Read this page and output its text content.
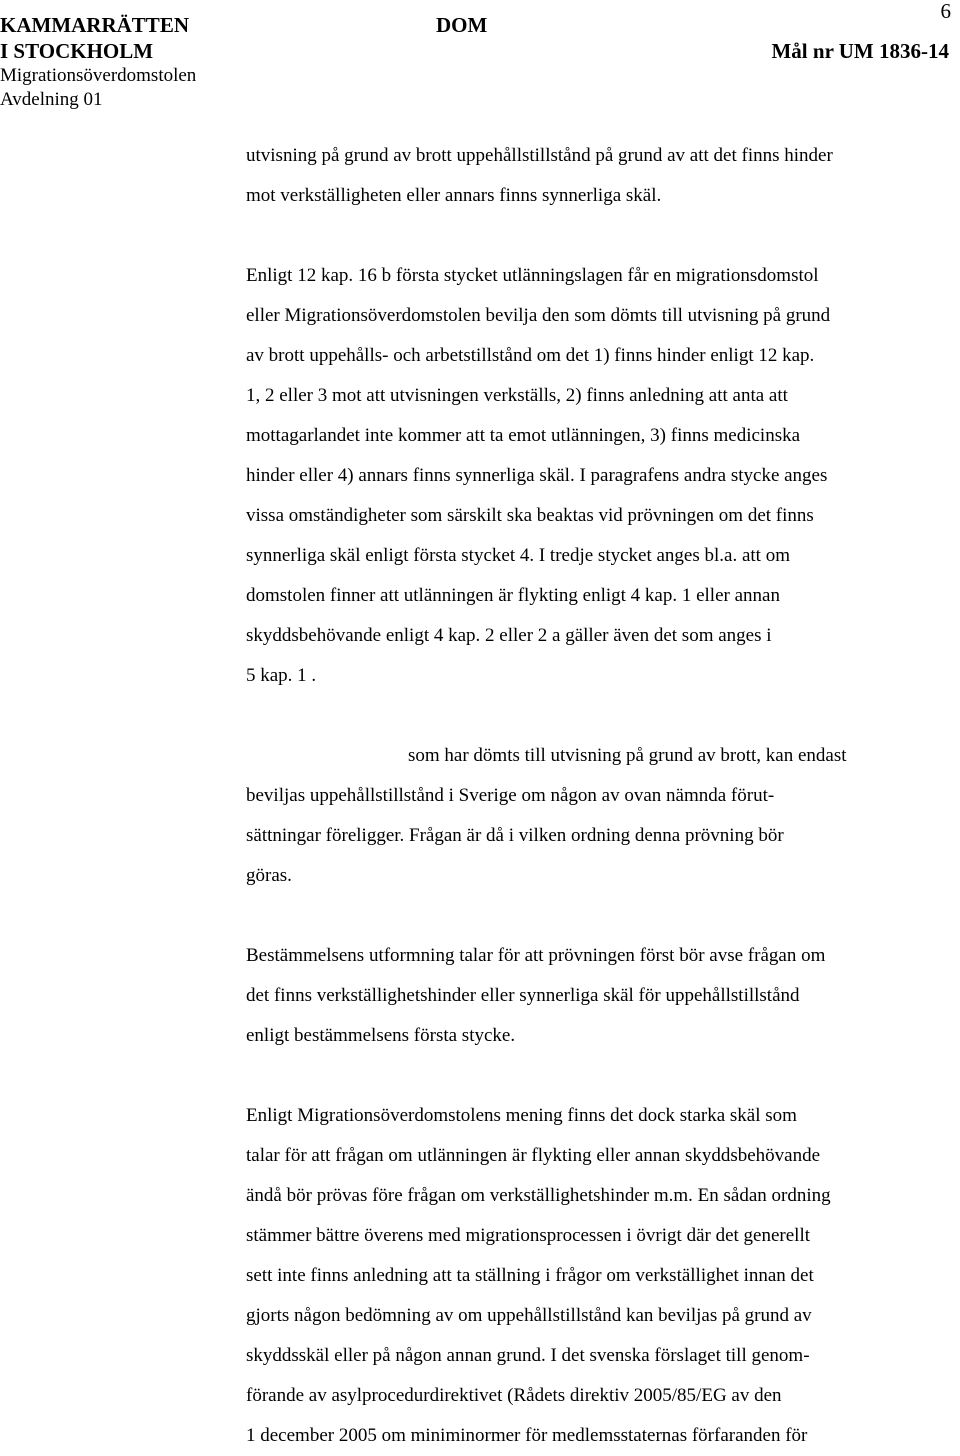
KAMMARRÄTTEN
I STOCKHOLM
Migrationsöverdomstolen
Avdelning 01
DOM
6
Mål nr UM 1836-14

utvisning på grund av brott uppehållstillstånd på grund av att det finns hinder
mot verkställigheten eller annars finns synnerliga skäl.

Enligt 12 kap. 16 b första stycket utlänningslagen får en migrationsdomstol
eller Migrationsöverdomstolen bevilja den som dömts till utvisning på grund
av brott uppehålls- och arbetstillstånd om det 1) finns hinder enligt 12 kap.
1, 2 eller 3 mot att utvisningen verkställs, 2) finns anledning att anta att
mottagarlandet inte kommer att ta emot utlänningen, 3) finns medicinska
hinder eller 4) annars finns synnerliga skäl. I paragrafens andra stycke anges
vissa omständigheter som särskilt ska beaktas vid prövningen om det finns
synnerliga skäl enligt första stycket 4. I tredje stycket anges bl.a. att om
domstolen finner att utlänningen är flykting enligt 4 kap. 1 eller annan
skyddsbehövande enligt 4 kap. 2 eller 2 a gäller även det som anges i
5 kap. 1 .

som har dömts till utvisning på grund av brott, kan endast
beviljas uppehållstillstånd i Sverige om någon av ovan nämnda förut-
sättningar föreligger. Frågan är då i vilken ordning denna prövning bör
göras.

Bestämmelsens utformning talar för att prövningen först bör avse frågan om
det finns verkställighetshinder eller synnerliga skäl för uppehållstillstånd
enligt bestämmelsens första stycke.

Enligt Migrationsöverdomstolens mening finns det dock starka skäl som
talar för att frågan om utlänningen är flykting eller annan skyddsbehövande
ändå bör prövas före frågan om verkställighetshinder m.m. En sådan ordning
stämmer bättre överens med migrationsprocessen i övrigt där det generellt
sett inte finns anledning att ta ställning i frågor om verkställighet innan det
gjorts någon bedömning av om uppehållstillstånd kan beviljas på grund av
skyddsskäl eller på någon annan grund. I det svenska förslaget till genom-
förande av asylprocedurdirektivet (Rådets direktiv 2005/85/EG av den
1 december 2005 om miniminormer för medlemsstaternas förfaranden för
